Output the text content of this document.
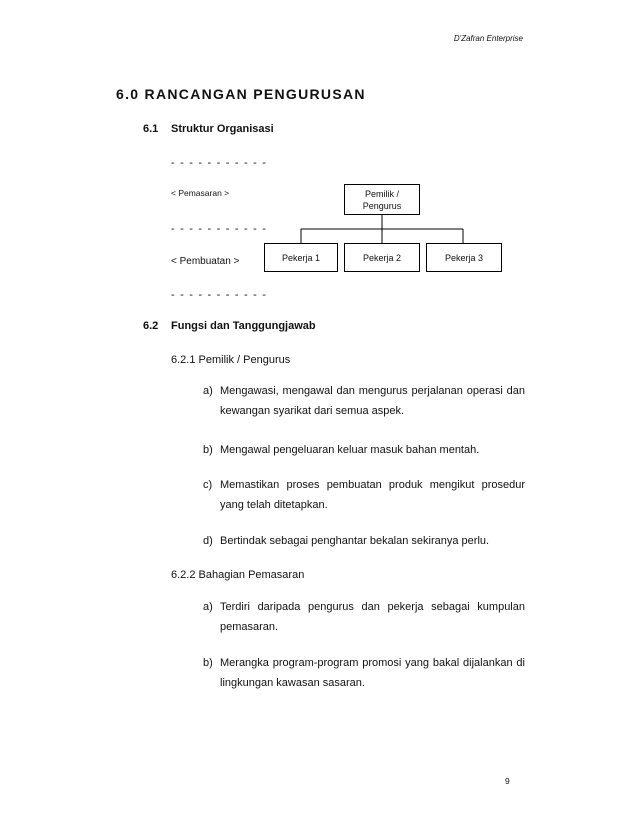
D'Zafran Enterprise
6.0 RANCANGAN PENGURUSAN
6.1 Struktur Organisasi
- - - - - - - - - - -
< Pemasaran >
- - - - - - - - - - -
< Pembuatan >
- - - - - - - - - - -
Pemilik /
Pengurus
Pekerja 1	Pekerja 2	Pekerja 3
6.2 Fungsi dan Tanggungjawab
6.2.1 Pemilik / Pengurus
a) Mengawasi, mengawal dan mengurus perjalanan operasi dan kewangan syarikat dari semua aspek.
b) Mengawal pengeluaran keluar masuk bahan mentah.
c) Memastikan proses pembuatan produk mengikut prosedur yang telah ditetapkan.
d) Bertindak sebagai penghantar bekalan sekiranya perlu.
6.2.2 Bahagian Pemasaran
a) Terdiri daripada pengurus dan pekerja sebagai kumpulan pemasaran.
b) Merangka program-program promosi yang bakal dijalankan di lingkungan kawasan sasaran.
9
